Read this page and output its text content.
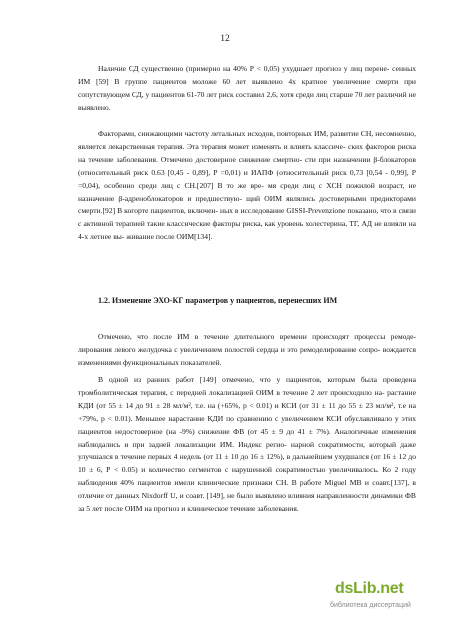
12

Наличие СД существенно (примерно на 40% Р < 0,05) ухудшает прогноз у лиц перене- сенных ИМ [59] В группе пациентов моложе 60 лет выявлено 4х кратное увеличение смерти при сопутствующем СД, у пациентов 61-70 лет риск составил 2,6, хотя среди лиц старше 70 лет различий не выявлено.

Факторами, снижающими частоту летальных исходов, повторных ИМ, развитие СН, несомненно, является лекарственная терапия. Эта терапия может изменять и влиять классиче- ских факторов риска на течение заболевания. Отмечено достоверное снижение смертно- сти при назначении β-блокаторов (относительный риск 0.63 [0,45 - 0,89], Р =0,01) и ИАПФ (относительный риск 0,73 [0,54 - 0,99], Р =0,04), особенно среди лиц с СН.[207] В то же вре- мя среди лиц с ХСН пожилой возраст, не назначение β-адреноблокаторов и предшествую- щий ОИМ являлись достоверными предикторами смерти.[92] В когорте пациентов, включен- ных в исследование GISSI-Prevenzione показано, что в связи с активной терапией такие классические факторы риска, как уровень холестерина, ТГ, АД не влияли на 4-х летнее вы- живание после ОИМ[134].

1.2. Изменение ЭХО-КГ параметров у пациентов, перенесших ИМ

Отмечено, что после ИМ в течение длительного времени происходят процессы ремоде- лирования левого желудочка с увеличением полостей сердца и это ремоделирование сопро- вождается изменениями функциональных показателей.

В одной из ранних работ [149] отмечено, что у пациентов, которым была проведена тромболитическая терапия, с передней локализацией ОИМ в течение 2 лет происходило на- растание КДИ (от 55 ± 14 до 91 ± 28 мл/м², т.е. на (+65%, р < 0.01) и КСИ (от 31 ± 11 до 55 ± 23 мл/м², т.е на +79%, р < 0.01). Меньшее нарастание КДИ по сравнению с увеличением КСИ обуславливало у этих пациентов недостоверное (на -9%) снижение ФВ (от 45 ± 9 до 41 ± 7%). Аналогичные изменения наблюдались и при задней локализации ИМ. Индекс регио- нарной сократимости, который даже улучшался в течение первых 4 недель (от 11 ± 10 до 16 ± 12%), в дальнейшем ухудшался (от 16 ± 12 до 10 ± 6, Р < 0.05) и количество сегментов с нарушенной сократимостью увеличивалось. Ко 2 году наблюдения 40% пациентов имели клинические признаки СН. В работе Miguel MB и соавт.[137], в отличие от данных Nixdorff U, и соавт. [149], не было выявлено влияния направленности динамики ФВ за 5 лет после ОИМ на прогноз и клиническое течение заболевания.

dsLib.net
библиотека диссертаций
